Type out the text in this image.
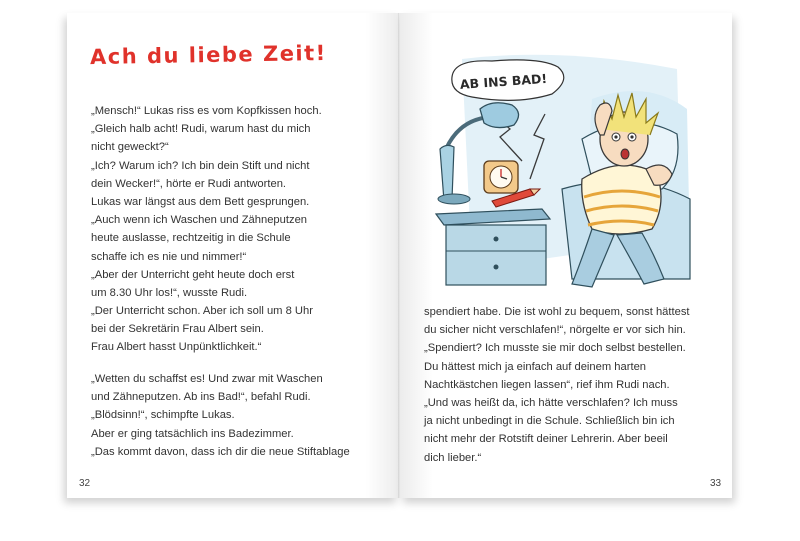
Ach du liebe Zeit!
„Mensch!“ Lukas riss es vom Kopfkissen hoch.
„Gleich halb acht! Rudi, warum hast du mich
nicht geweckt?“
„Ich? Warum ich? Ich bin dein Stift und nicht
dein Wecker!“, hörte er Rudi antworten.
Lukas war längst aus dem Bett gesprungen.
„Auch wenn ich Waschen und Zähneputzen
heute auslasse, rechtzeitig in die Schule
schaffe ich es nie und nimmer!“
„Aber der Unterricht geht heute doch erst
um 8.30 Uhr los!“, wusste Rudi.
„Der Unterricht schon. Aber ich soll um 8 Uhr
bei der Sekretärin Frau Albert sein.
Frau Albert hasst Unpünktlichkeit.“
„Wetten du schaffst es! Und zwar mit Waschen
und Zähneputzen. Ab ins Bad!“, befahl Rudi.
„Blödsinn!“, schimpfte Lukas.
Aber er ging tatsächlich ins Badezimmer.
„Das kommt davon, dass ich dir die neue Stiftablage
32
AB INS BAD!
spendiert habe. Die ist wohl zu bequem, sonst hättest
du sicher nicht verschlafen!“, nörgelte er vor sich hin.
„Spendiert? Ich musste sie mir doch selbst bestellen.
Du hättest mich ja einfach auf deinem harten
Nachtkästchen liegen lassen“, rief ihm Rudi nach.
„Und was heißt da, ich hätte verschlafen? Ich muss
ja nicht unbedingt in die Schule. Schließlich bin ich
nicht mehr der Rotstift deiner Lehrerin. Aber beeil
dich lieber.“
33
